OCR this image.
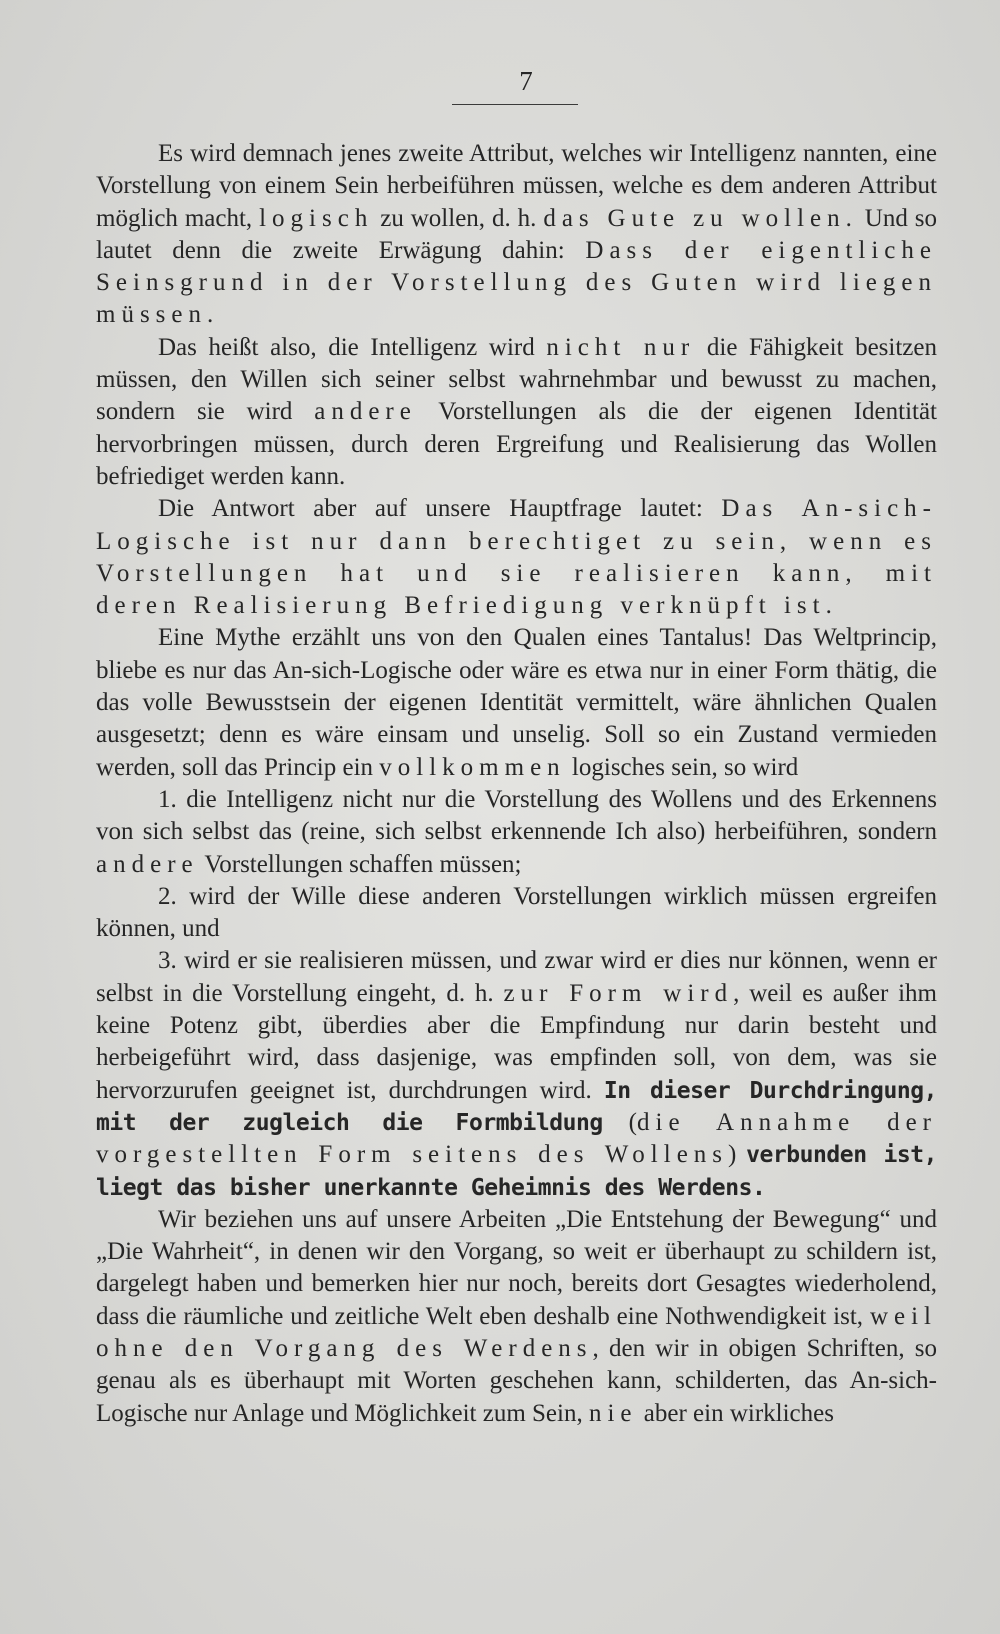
7

Es wird demnach jenes zweite Attribut, welches wir Intelligenz nannten, eine Vorstellung von einem Sein herbeiführen müssen, welche es dem anderen Attribut möglich macht, logisch zu wollen, d. h. das Gute zu wollen. Und so lautet denn die zweite Erwägung dahin: Dass der eigentliche Seinsgrund in der Vorstellung des Guten wird liegen müssen.

Das heißt also, die Intelligenz wird nicht nur die Fähigkeit besitzen müssen, den Willen sich seiner selbst wahrnehmbar und bewusst zu machen, sondern sie wird andere Vorstellungen als die der eigenen Identität hervorbringen müssen, durch deren Ergreifung und Realisierung das Wollen befriediget werden kann.

Die Antwort aber auf unsere Hauptfrage lautet: Das An-sich-Logische ist nur dann berechtiget zu sein, wenn es Vorstellungen hat und sie realisieren kann, mit deren Realisierung Befriedigung verknüpft ist.

Eine Mythe erzählt uns von den Qualen eines Tantalus! Das Weltprincip, bliebe es nur das An-sich-Logische oder wäre es etwa nur in einer Form thätig, die das volle Bewusstsein der eigenen Identität vermittelt, wäre ähnlichen Qualen ausgesetzt; denn es wäre einsam und unselig. Soll so ein Zustand vermieden werden, soll das Princip ein vollkommen logisches sein, so wird

1. die Intelligenz nicht nur die Vorstellung des Wollens und des Erkennens von sich selbst das (reine, sich selbst erkennende Ich also) herbeiführen, sondern andere Vorstellungen schaffen müssen;

2. wird der Wille diese anderen Vorstellungen wirklich müssen ergreifen können, und

3. wird er sie realisieren müssen, und zwar wird er dies nur können, wenn er selbst in die Vorstellung eingeht, d. h. zur Form wird, weil es außer ihm keine Potenz gibt, überdies aber die Empfindung nur darin besteht und herbeigeführt wird, dass dasjenige, was empfinden soll, von dem, was sie hervorzurufen geeignet ist, durchdrungen wird. In dieser Durchdringung, mit der zugleich die Formbildung (die Annahme der vorgestellten Form seitens des Wollens) verbunden ist, liegt das bisher unerkannte Geheimnis des Werdens.

Wir beziehen uns auf unsere Arbeiten „Die Entstehung der Bewegung“ und „Die Wahrheit“, in denen wir den Vorgang, so weit er überhaupt zu schildern ist, dargelegt haben und bemerken hier nur noch, bereits dort Gesagtes wiederholend, dass die räumliche und zeitliche Welt eben deshalb eine Nothwendigkeit ist, weil ohne den Vorgang des Werdens, den wir in obigen Schriften, so genau als es überhaupt mit Worten geschehen kann, schilderten, das An-sich-Logische nur Anlage und Möglichkeit zum Sein, nie aber ein wirkliches
